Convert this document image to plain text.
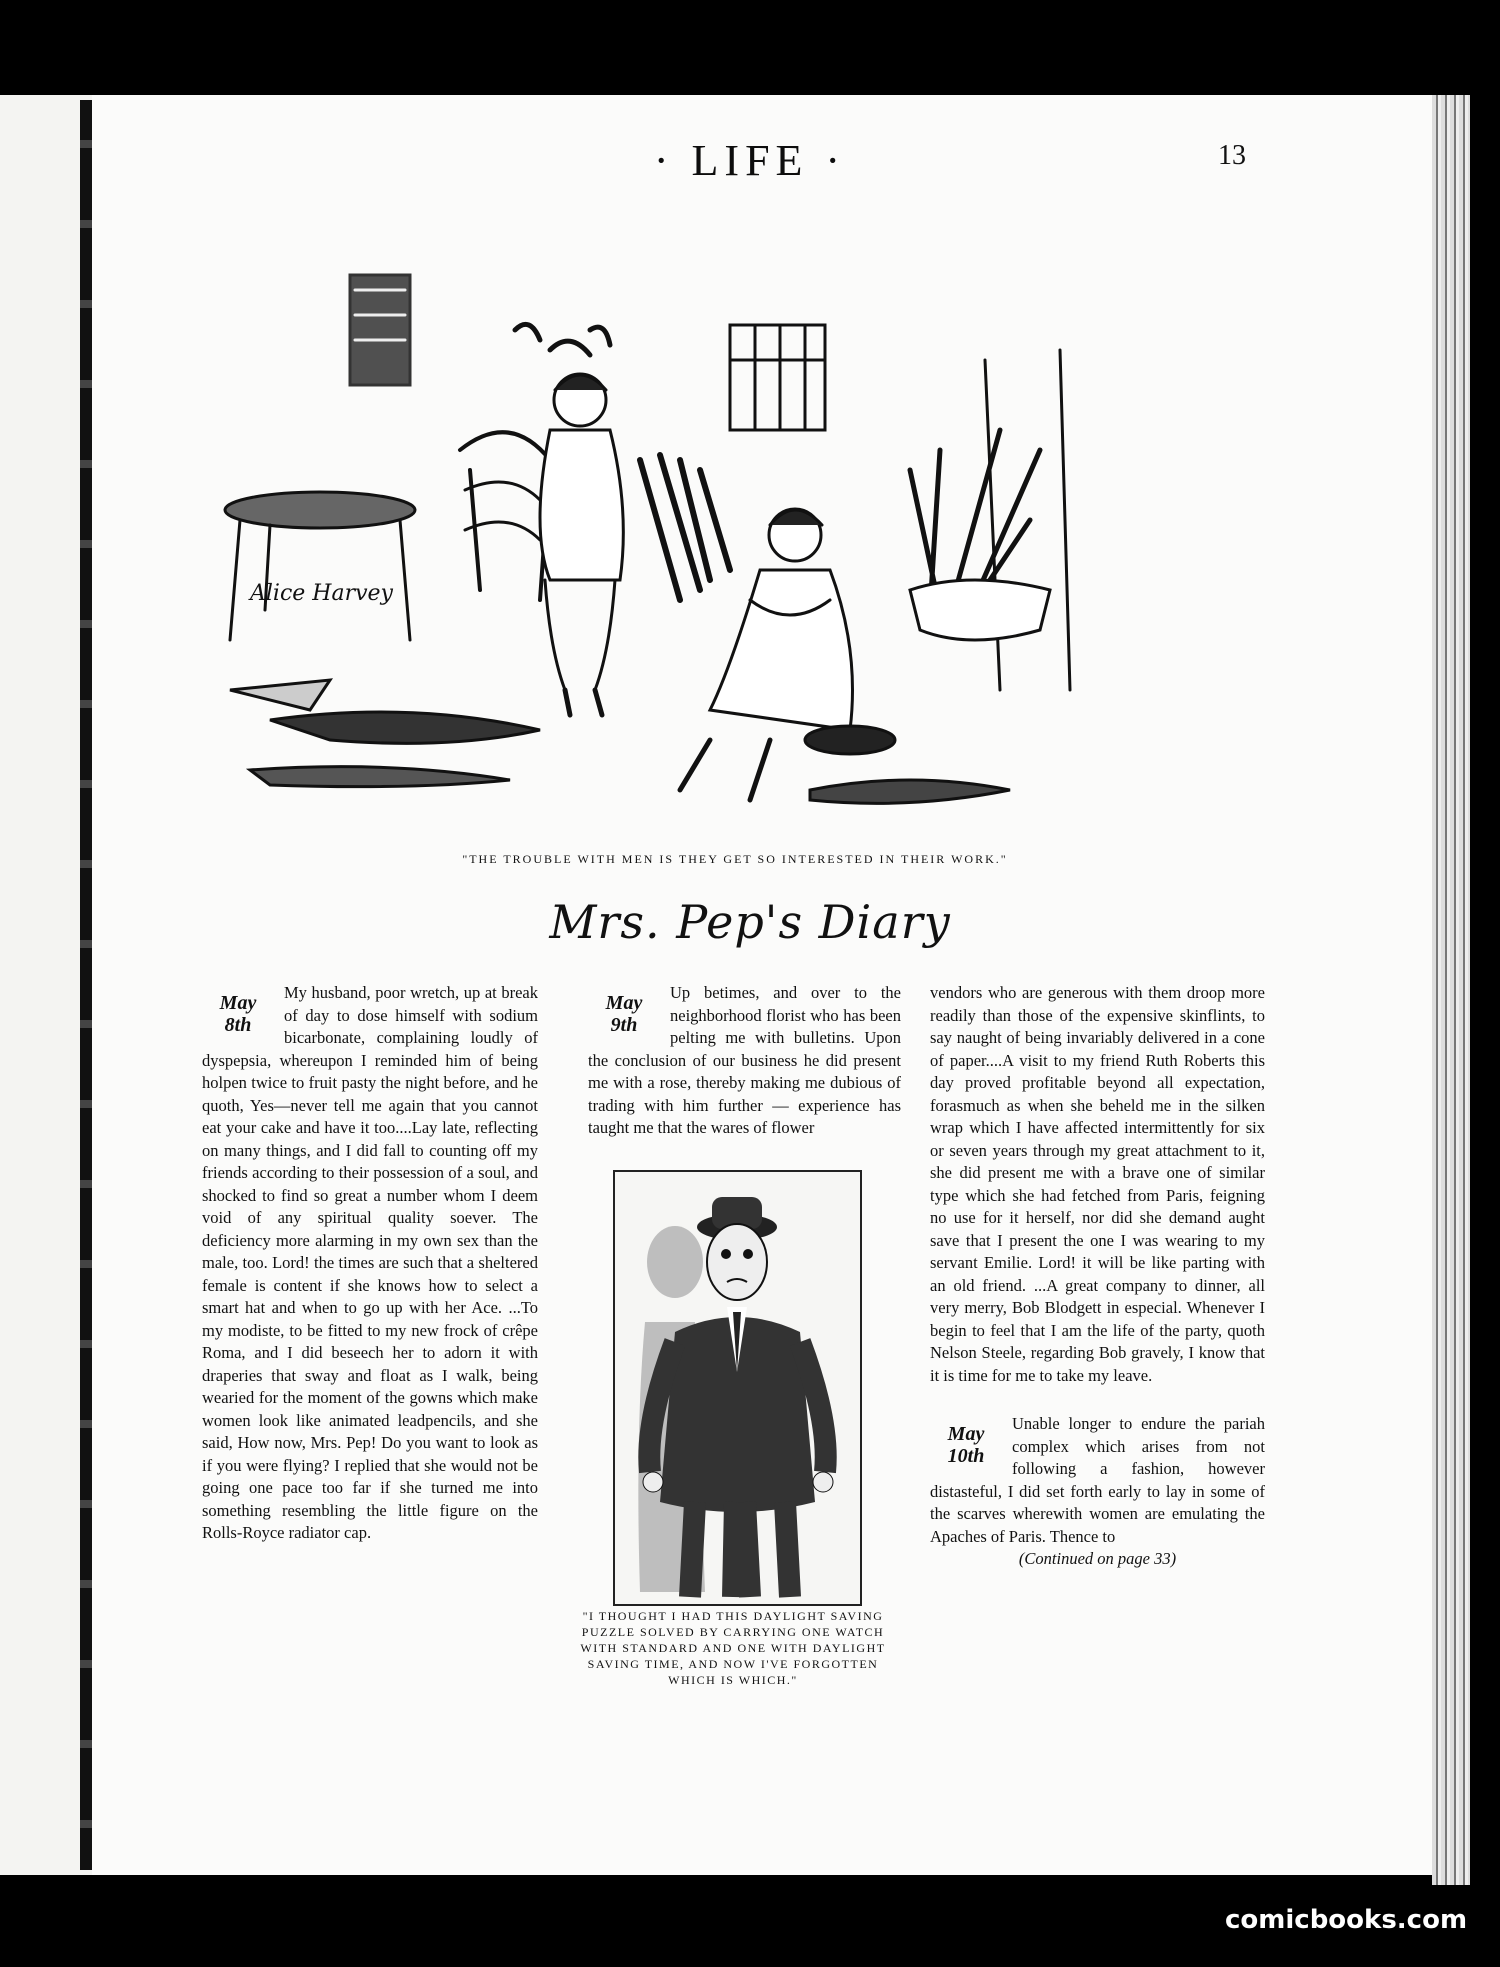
· LIFE ·	13
Alice Harvey
"THE TROUBLE WITH MEN IS THEY GET SO INTERESTED IN THEIR WORK."
Mrs. Pep's Diary
May
8th

My husband, poor wretch, up at break of day to dose himself with sodium bicarbonate, complaining loudly of dyspepsia, whereupon I reminded him of being holpen twice to fruit pasty the night before, and he quoth, Yes—never tell me again that you cannot eat your cake and have it too....Lay late, reflecting on many things, and I did fall to counting off my friends according to their possession of a soul, and shocked to find so great a number whom I deem void of any spiritual quality soever. The deficiency more alarming in my own sex than the male, too. Lord! the times are such that a sheltered female is content if she knows how to select a smart hat and when to go up with her Ace. ...To my modiste, to be fitted to my new frock of crêpe Roma, and I did beseech her to adorn it with draperies that sway and float as I walk, being wearied for the moment of the gowns which make women look like animated leadpencils, and she said, How now, Mrs. Pep! Do you want to look as if you were flying? I replied that she would not be going one pace too far if she turned me into something resembling the little figure on the Rolls-Royce radiator cap.

May
9th

Up betimes, and over to the neighborhood florist who has been pelting me with bulletins. Upon the conclusion of our business he did present me with a rose, thereby making me dubious of trading with him further — experience has taught me that the wares of flower

"I THOUGHT I HAD THIS DAYLIGHT SAVING PUZZLE SOLVED BY CARRYING ONE WATCH WITH STANDARD AND ONE WITH DAYLIGHT SAVING TIME, AND NOW I'VE FORGOTTEN WHICH IS WHICH."

vendors who are generous with them droop more readily than those of the expensive skinflints, to say naught of being invariably delivered in a cone of paper....A visit to my friend Ruth Roberts this day proved profitable beyond all expectation, forasmuch as when she beheld me in the silken wrap which I have affected intermittently for six or seven years through my great attachment to it, she did present me with a brave one of similar type which she had fetched from Paris, feigning no use for it herself, nor did she demand aught save that I present the one I was wearing to my servant Emilie. Lord! it will be like parting with an old friend. ...A great company to dinner, all very merry, Bob Blodgett in especial. Whenever I begin to feel that I am the life of the party, quoth Nelson Steele, regarding Bob gravely, I know that it is time for me to take my leave.

May
10th

Unable longer to endure the pariah complex which arises from not following a fashion, however distasteful, I did set forth early to lay in some of the scarves wherewith women are emulating the Apaches of Paris. Thence to

(Continued on page 33)

comicbooks.com
